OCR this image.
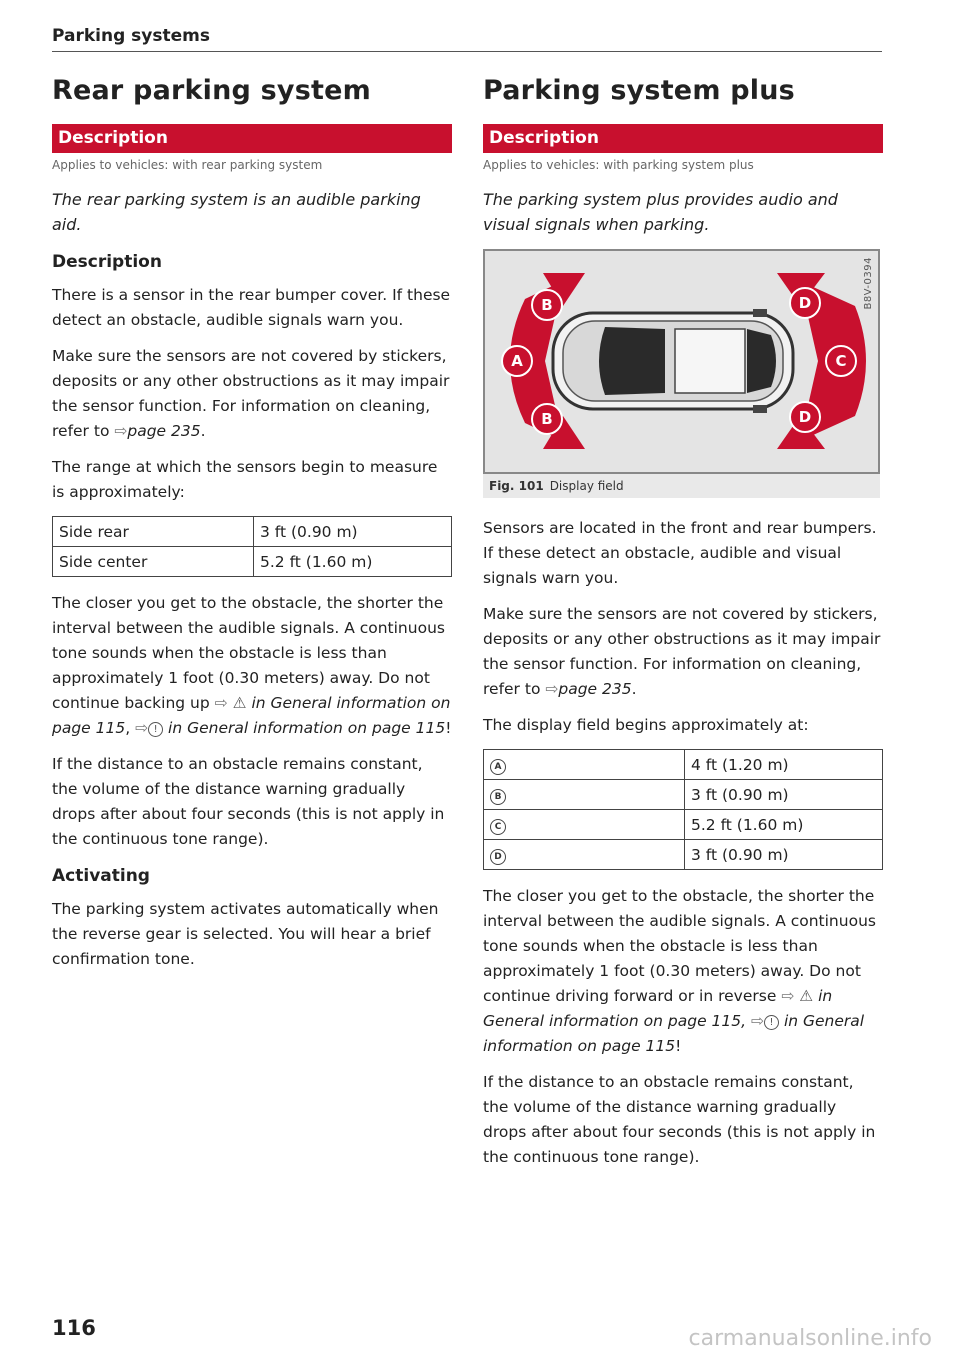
Parking systems
Rear parking system
Description
Applies to vehicles: with rear parking system
The rear parking system is an audible parking aid.
Description

There is a sensor in the rear bumper cover. If these detect an obstacle, audible signals warn you.

Make sure the sensors are not covered by stickers, deposits or any other obstructions as it may impair the sensor function. For information on cleaning, refer to ⇨page 235.

The range at which the sensors begin to measure is approximately:

Side rear	3 ft (0.90 m)
Side center	5.2 ft (1.60 m)

The closer you get to the obstacle, the shorter the interval between the audible signals. A continuous tone sounds when the obstacle is less than approximately 1 foot (0.30 meters) away. Do not continue backing up ⇨ ⚠ in General information on page 115, ⇨ ! in General information on page 115!

If the distance to an obstacle remains constant, the volume of the distance warning gradually drops after about four seconds (this is not apply in the continuous tone range).

Activating

The parking system activates automatically when the reverse gear is selected. You will hear a brief confirmation tone.

Parking system plus
Description
Applies to vehicles: with parking system plus
The parking system plus provides audio and visual signals when parking.
A
B
B
C
D
D
B8V-0394
Fig. 101 Display field

Sensors are located in the front and rear bumpers. If these detect an obstacle, audible and visual signals warn you.

Make sure the sensors are not covered by stickers, deposits or any other obstructions as it may impair the sensor function. For information on cleaning, refer to ⇨page 235.

The display field begins approximately at:

A	4 ft (1.20 m)
B	3 ft (0.90 m)
C	5.2 ft (1.60 m)
D	3 ft (0.90 m)

The closer you get to the obstacle, the shorter the interval between the audible signals. A continuous tone sounds when the obstacle is less than approximately 1 foot (0.30 meters) away. Do not continue driving forward or in reverse ⇨ ⚠ in General information on page 115, ⇨ ! in General information on page 115!

If the distance to an obstacle remains constant, the volume of the distance warning gradually drops after about four seconds (this is not apply in the continuous tone range).

116	carmanualsonline.info
